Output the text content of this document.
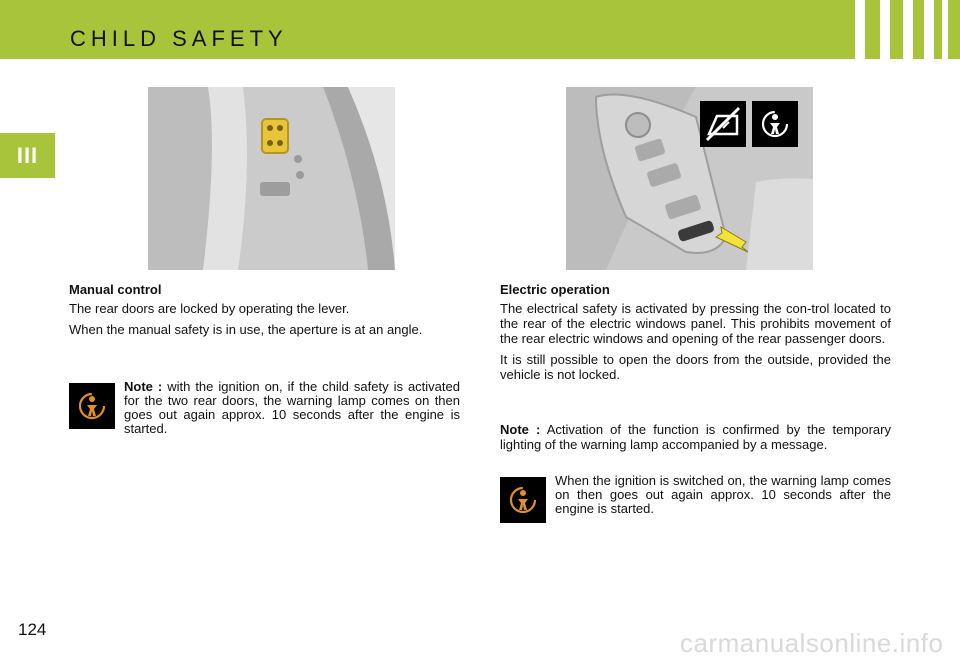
CHILD SAFETY
III

Manual control

The rear doors are locked by operating the lever.

When the manual safety is in use, the aperture is at an angle.

Note : with the ignition on, if the child safety is activated for the two rear doors, the warning lamp comes on then goes out again approx. 10 seconds after the engine is started.

Electric operation

The electrical safety is activated by pressing the con-trol located to the rear of the electric windows panel. This prohibits movement of the rear electric windows and opening of the rear passenger doors.

It is still possible to open the doors from the outside, provided the vehicle is not locked.

Note : Activation of the function is confirmed by the temporary lighting of the warning lamp accompanied by a message.

When the ignition is switched on, the warning lamp comes on then goes out again approx. 10 seconds after the engine is started.
124	carmanualsonline.info
